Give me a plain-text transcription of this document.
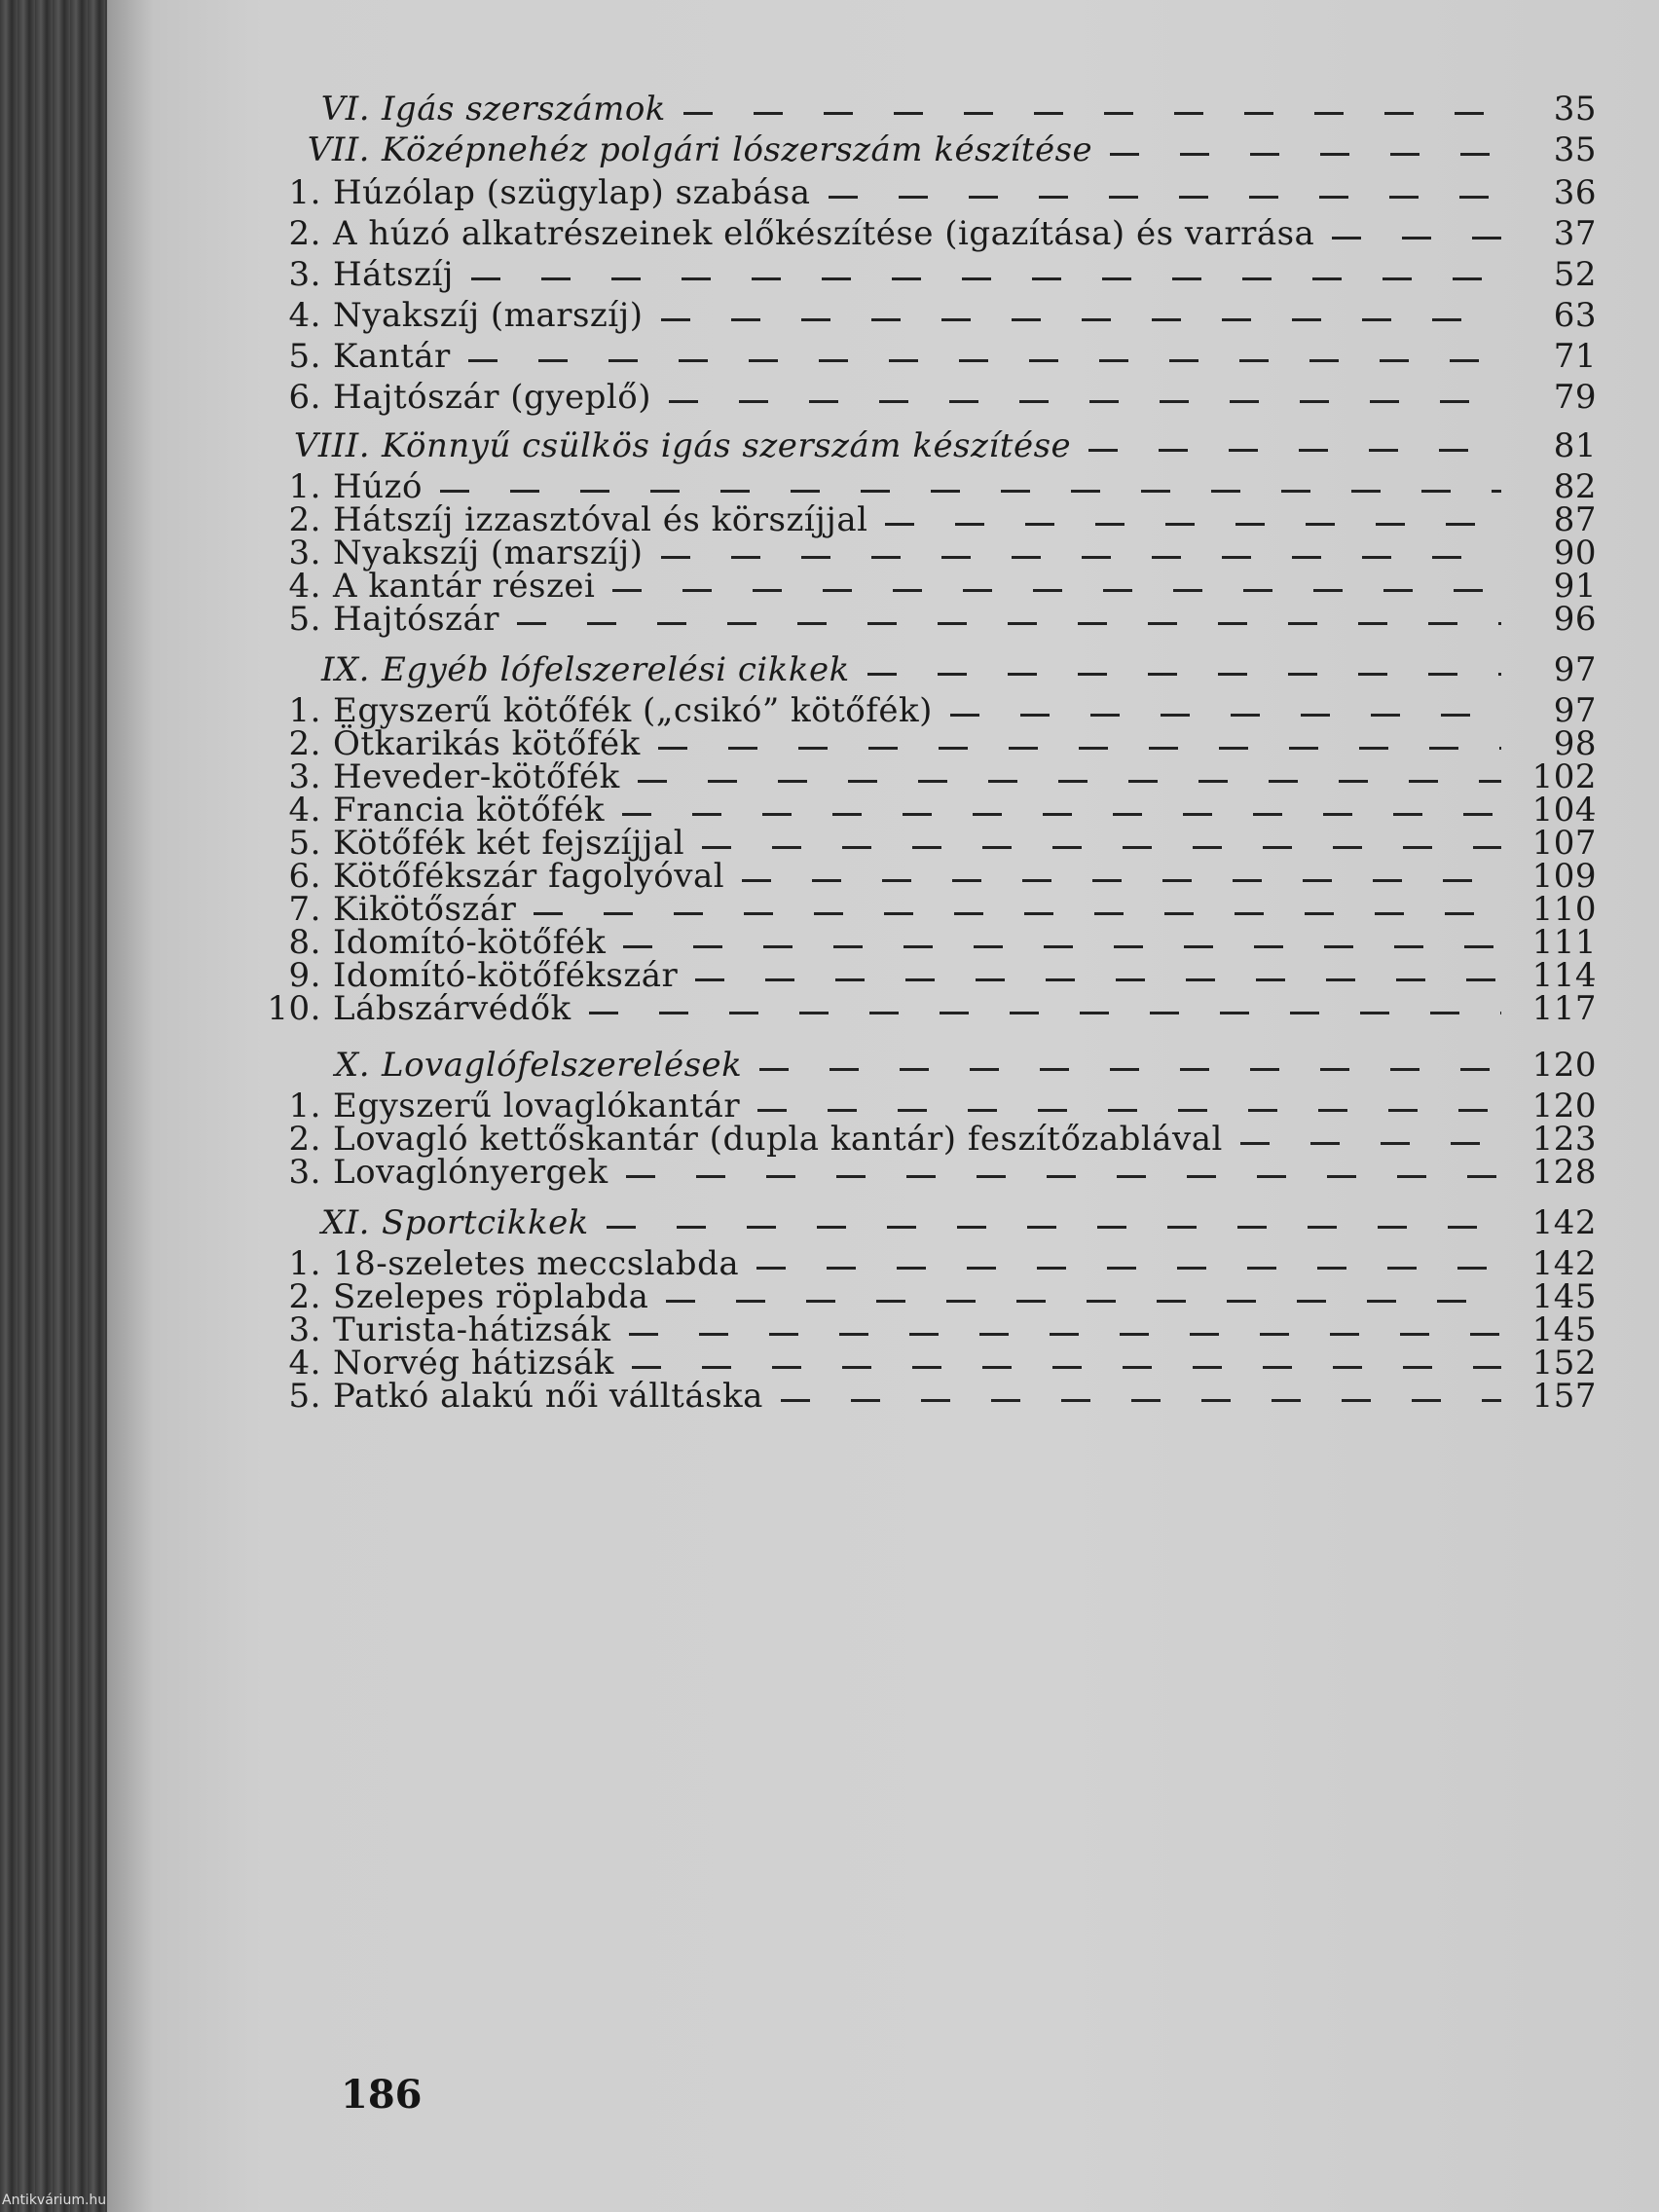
VI. Igás szerszámok	35
VII. Középnehéz polgári lószerszám készítése	35
1. Húzólap (szügylap) szabása	36
2. A húzó alkatrészeinek előkészítése (igazítása) és varrása	37
3. Hátszíj	52
4. Nyakszíj (marszíj)	63
5. Kantár	71
6. Hajtószár (gyeplő)	79
VIII. Könnyű csülkös igás szerszám készítése	81
1. Húzó	82
2. Hátszíj izzasztóval és körszíjjal	87
3. Nyakszíj (marszíj)	90
4. A kantár részei	91
5. Hajtószár	96
IX. Egyéb lófelszerelési cikkek	97
1. Egyszerű kötőfék („csikó” kötőfék)	97
2. Ötkarikás kötőfék	98
3. Heveder-kötőfék	102
4. Francia kötőfék	104
5. Kötőfék két fejszíjjal	107
6. Kötőfékszár fagolyóval	109
7. Kikötőszár	110
8. Idomító-kötőfék	111
9. Idomító-kötőfékszár	114
10. Lábszárvédők	117
X. Lovaglófelszerelések	120
1. Egyszerű lovaglókantár	120
2. Lovagló kettőskantár (dupla kantár) feszítőzablával	123
3. Lovaglónyergek	128
XI. Sportcikkek	142
1. 18-szeletes meccslabda	142
2. Szelepes röplabda	145
3. Turista-hátizsák	145
4. Norvég hátizsák	152
5. Patkó alakú női válltáska	157
186
Antikvárium.hu
